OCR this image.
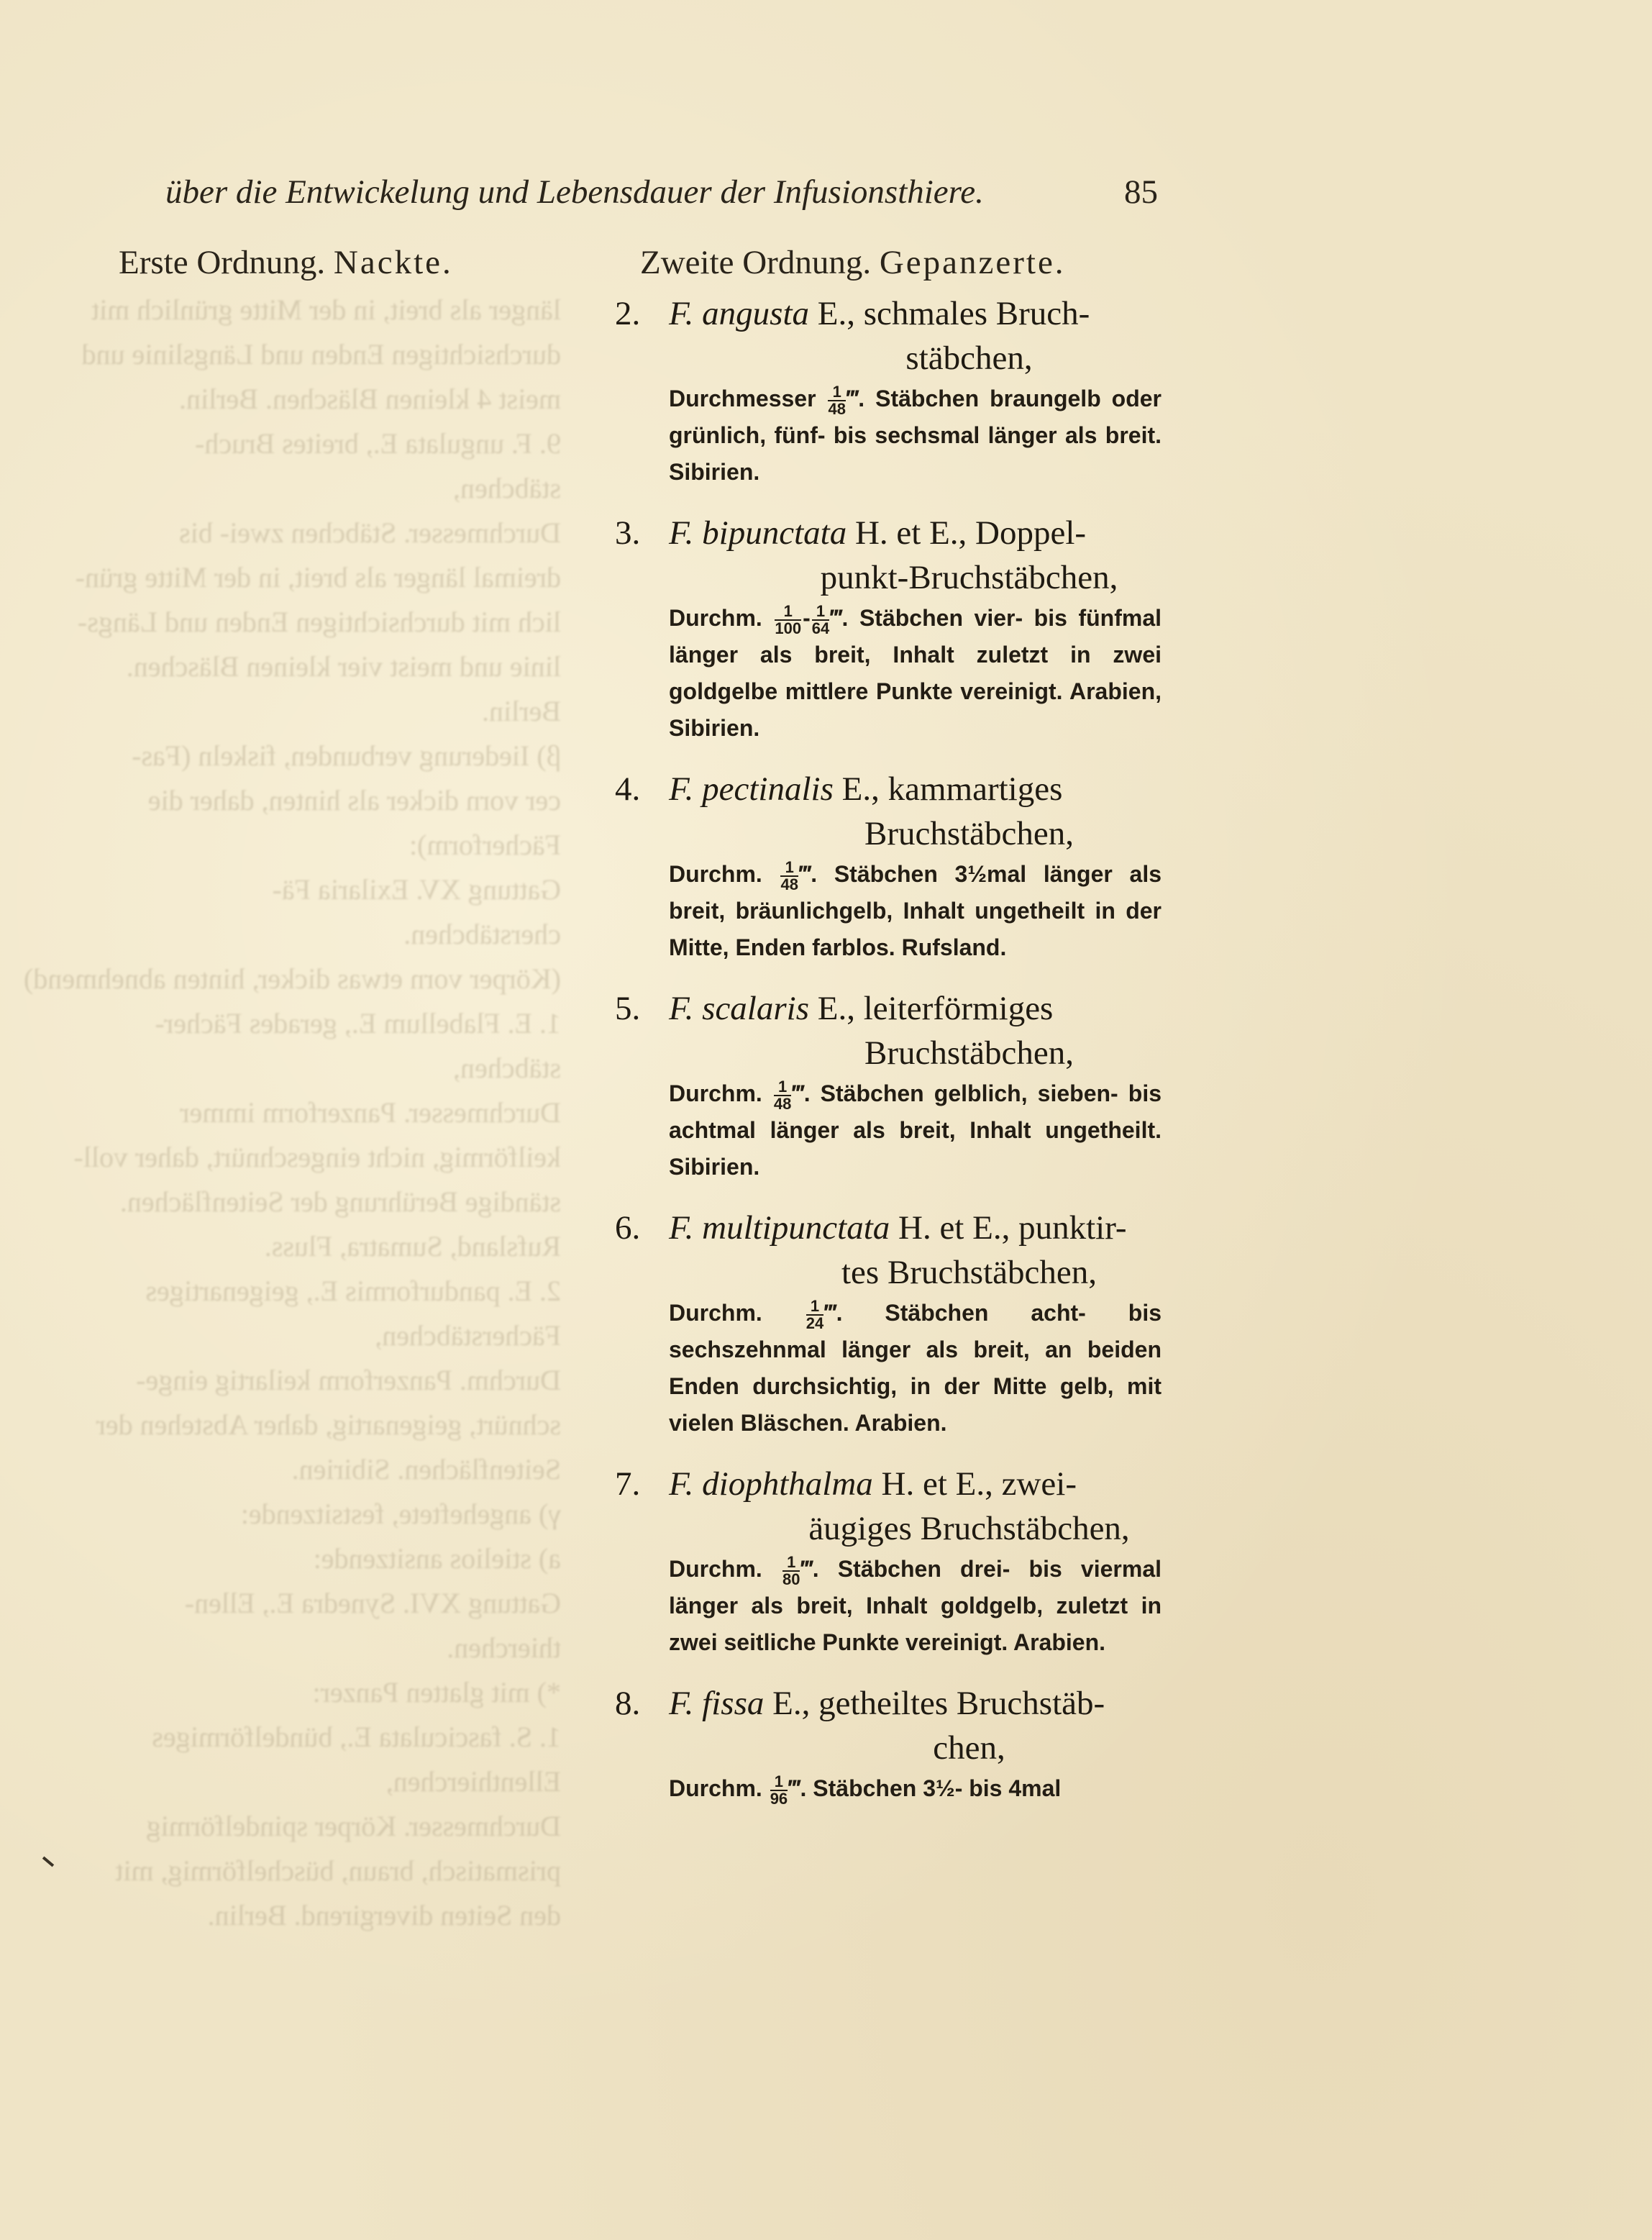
über die Entwickelung und Lebensdauer der Infusionsthiere.	85
Erste Ordnung. Nackte.	Zweite Ordnung. Gepanzerte.
länger als breit, in der Mitte grünlich mit
durchsichtigen Enden und Längslinie und
meist 4 kleinen Bläschen. Berlin.
9. F. ungulata E., breites Bruch-
stäbchen,
Durchmesser. Stäbchen zwei- bis
dreimal länger als breit, in der Mitte grün-
lich mit durchsichtigen Enden und Längs-
linie und meist vier kleinen Bläschen.
Berlin.
β) Iiederung verbunden, fiskeln (Fas-
cer vorn dicker als hinten, daher die
Fächerform):
Gattung XV. Exilaria Fä-
cherstäbchen.
(Körper vorn etwas dicker, hinten abnehmend)
1. E. Flabellum E., gerades Fächer-
stäbchen,
Durchmesser. Panzerform immer
keilförmig, nicht eingeschnürt, daher voll-
ständige Berührung der Seitenflächen.
Rufsland, Sumatra, Fluss.
2. E. pandurformis E., geigenartiges
Fächerstäbchen,
Durchm. Panzerform keilartig einge-
schnürt, geigenartig, daher Abstehen der
Seitenflächen. Sibirien.
γ) angeheftete, festsitzende:
a) stielios ansitzende:
Gattung XVI. Synedra E., Ellen-
thierchen.
*) mit glatten Panzer:
1. S. fasciculata E., bündelförmiges
Ellenthierchen,
Durchmesser. Körper spindelförmig
prismatisch, braun, büschelförmig, mit
den Seiten divergirend. Berlin.
2. F. angusta E., schmales Bruch-
stäbchen,
Durchmesser $\frac{1}{48}$ ‴. Stäbchen braungelb oder grünlich, fünf- bis sechsmal länger als breit. Sibirien.
3. F. bipunctata H. et E., Doppel-
punkt-Bruchstäbchen,
Durchm. $\frac{1}{100} - \frac{1}{64}$ ‴. Stäbchen vier- bis fünfmal länger als breit, Inhalt zuletzt in zwei goldgelbe mittlere Punkte vereinigt. Arabien, Sibirien.
4. F. pectinalis E., kammartiges
Bruchstäbchen,
Durchm. $\frac{1}{48}$ ‴. Stäbchen 3½mal länger als breit, bräunlichgelb, Inhalt ungetheilt in der Mitte, Enden farblos. Rufsland.
5. F. scalaris E., leiterförmiges
Bruchstäbchen,
Durchm. $\frac{1}{48}$ ‴. Stäbchen gelblich, sieben- bis achtmal länger als breit, Inhalt ungetheilt. Sibirien.
6. F. multipunctata H. et E., punktir-
tes Bruchstäbchen,
Durchm.	$\frac{1}{24}$ ‴. Stäbchen acht- bis sechszehnmal länger als breit, an beiden Enden durchsichtig, in der Mitte gelb, mit vielen Bläschen. Arabien.
7. F. diophthalma H. et E., zwei-
äugiges Bruchstäbchen,
Durchm. $\frac{1}{80}$ ‴. Stäbchen drei- bis viermal länger als breit, Inhalt goldgelb, zuletzt in zwei seitliche Punkte vereinigt. Arabien.
8. F. fissa E., getheiltes Bruchstäb-
chen,
Durchm. $\frac{1}{96}$ ‴. Stäbchen 3½- bis 4mal
